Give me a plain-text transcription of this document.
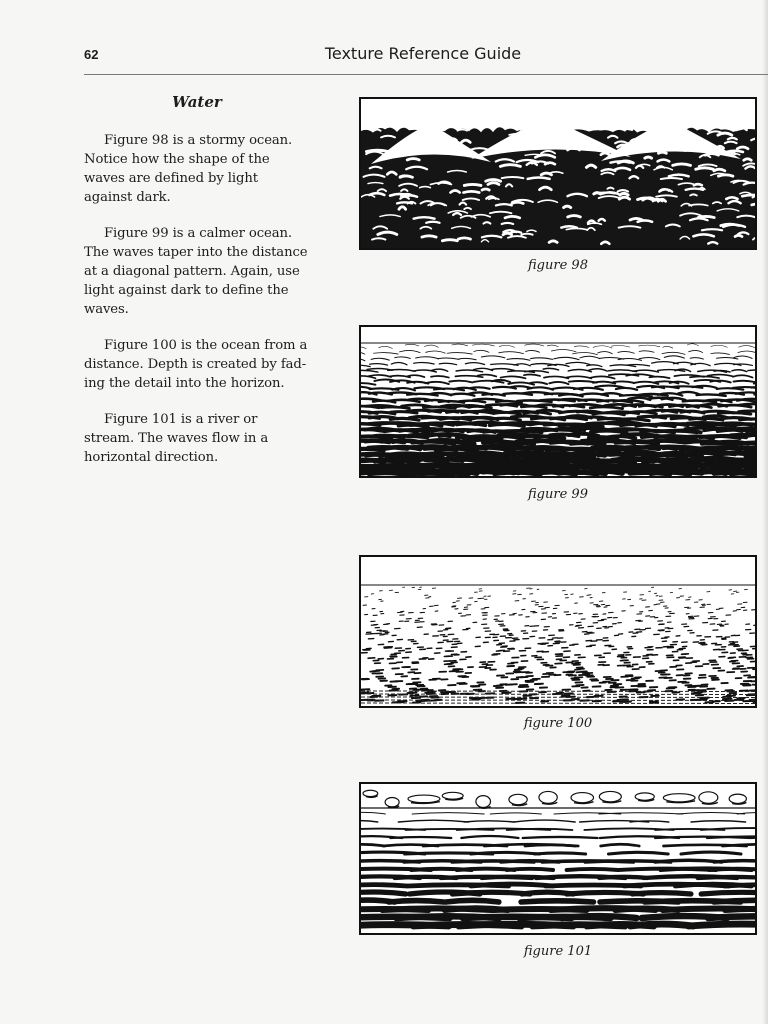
62	Texture Reference Guide
Water

Figure 98 is a stormy ocean. Notice how the shape of the waves are defined by light against dark.

Figure 99 is a calmer ocean. The waves taper into the distance at a diagonal pattern. Again, use light against dark to define the waves.

Figure 100 is the ocean from a distance. Depth is created by fad-ing the detail into the horizon.

Figure 101 is a river or stream. The waves flow in a horizontal direction.

figure 98
figure 99
figure 100
figure 101
